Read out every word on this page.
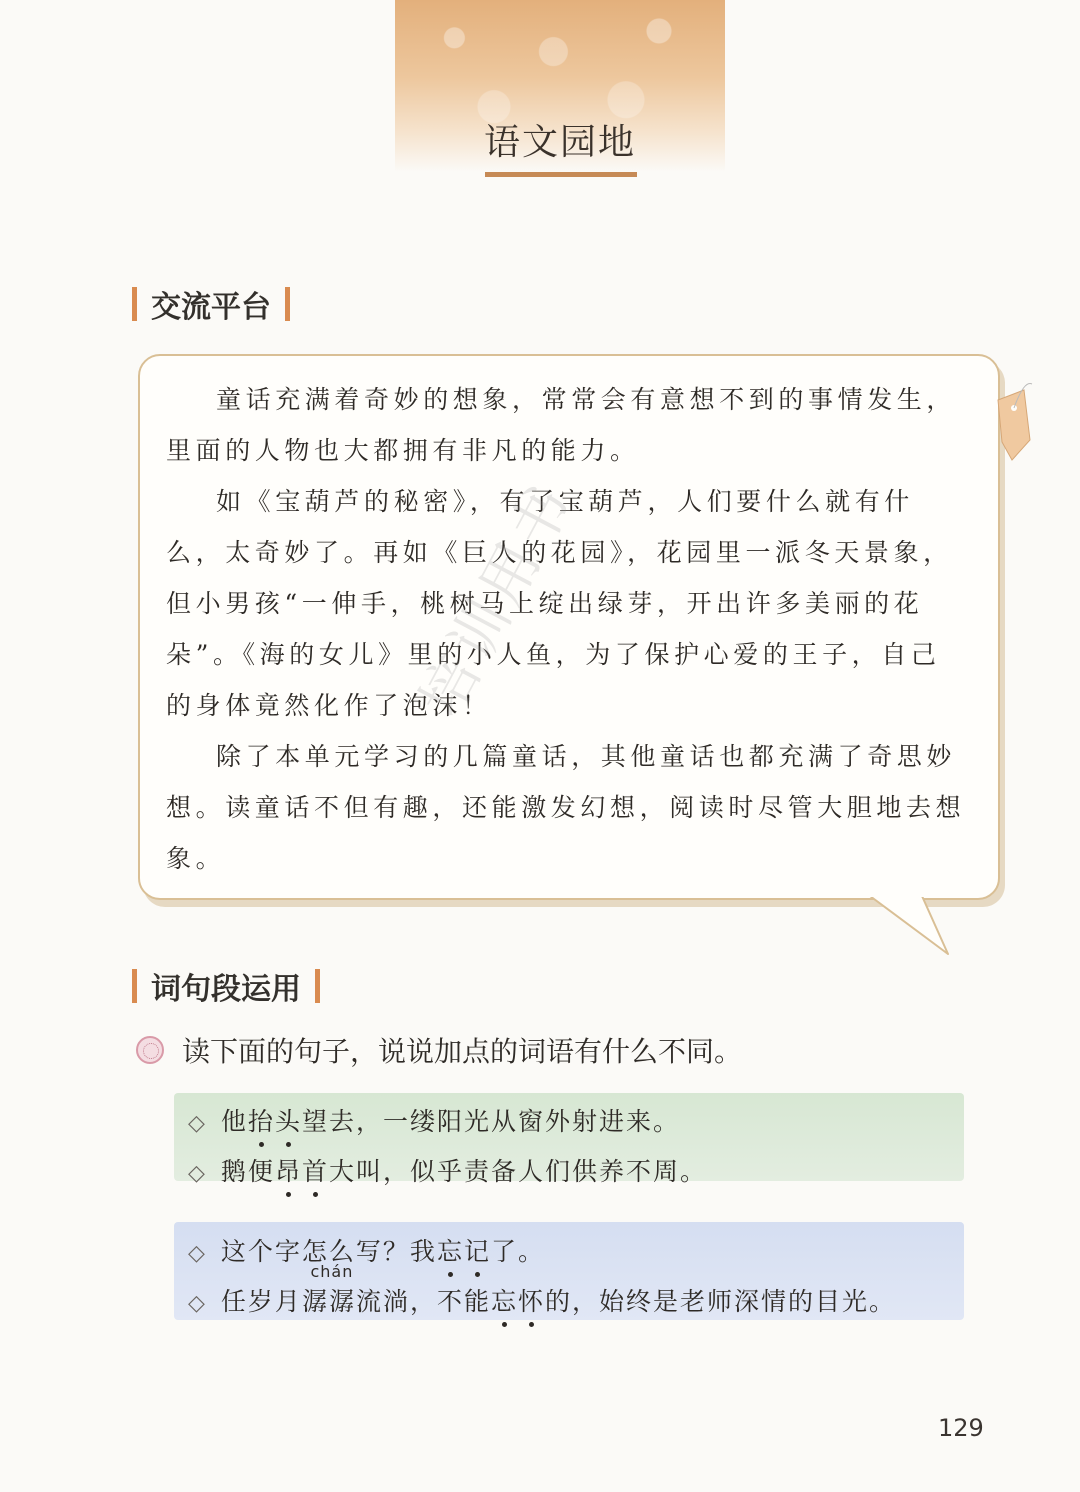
语文园地
交流平台

童话充满着奇妙的想象，常常会有意想不到的事情发生，里面的人物也大都拥有非凡的能力。

如《宝葫芦的秘密》，有了宝葫芦，人们要什么就有什么，太奇妙了。再如《巨人的花园》，花园里一派冬天景象，但小男孩“一伸手，桃树马上绽出绿芽，开出许多美丽的花朵”。《海的女儿》里的小人鱼，为了保护心爱的王子，自己的身体竟然化作了泡沫！

除了本单元学习的几篇童话，其他童话也都充满了奇思妙想。读童话不但有趣，还能激发幻想，阅读时尽管大胆地去想象。

培训用书
词句段运用
读下面的句子，说说加点的词语有什么不同。
◇ 他抬头望去，一缕阳光从窗外射进来。
◇ 鹅便昂首大叫，似乎责备人们供养不周。
◇ 这个字怎么写？我忘记了。
◇ 任岁月
chán
潺潺流淌，不能忘怀的，始终是老师深情的目光。
129
